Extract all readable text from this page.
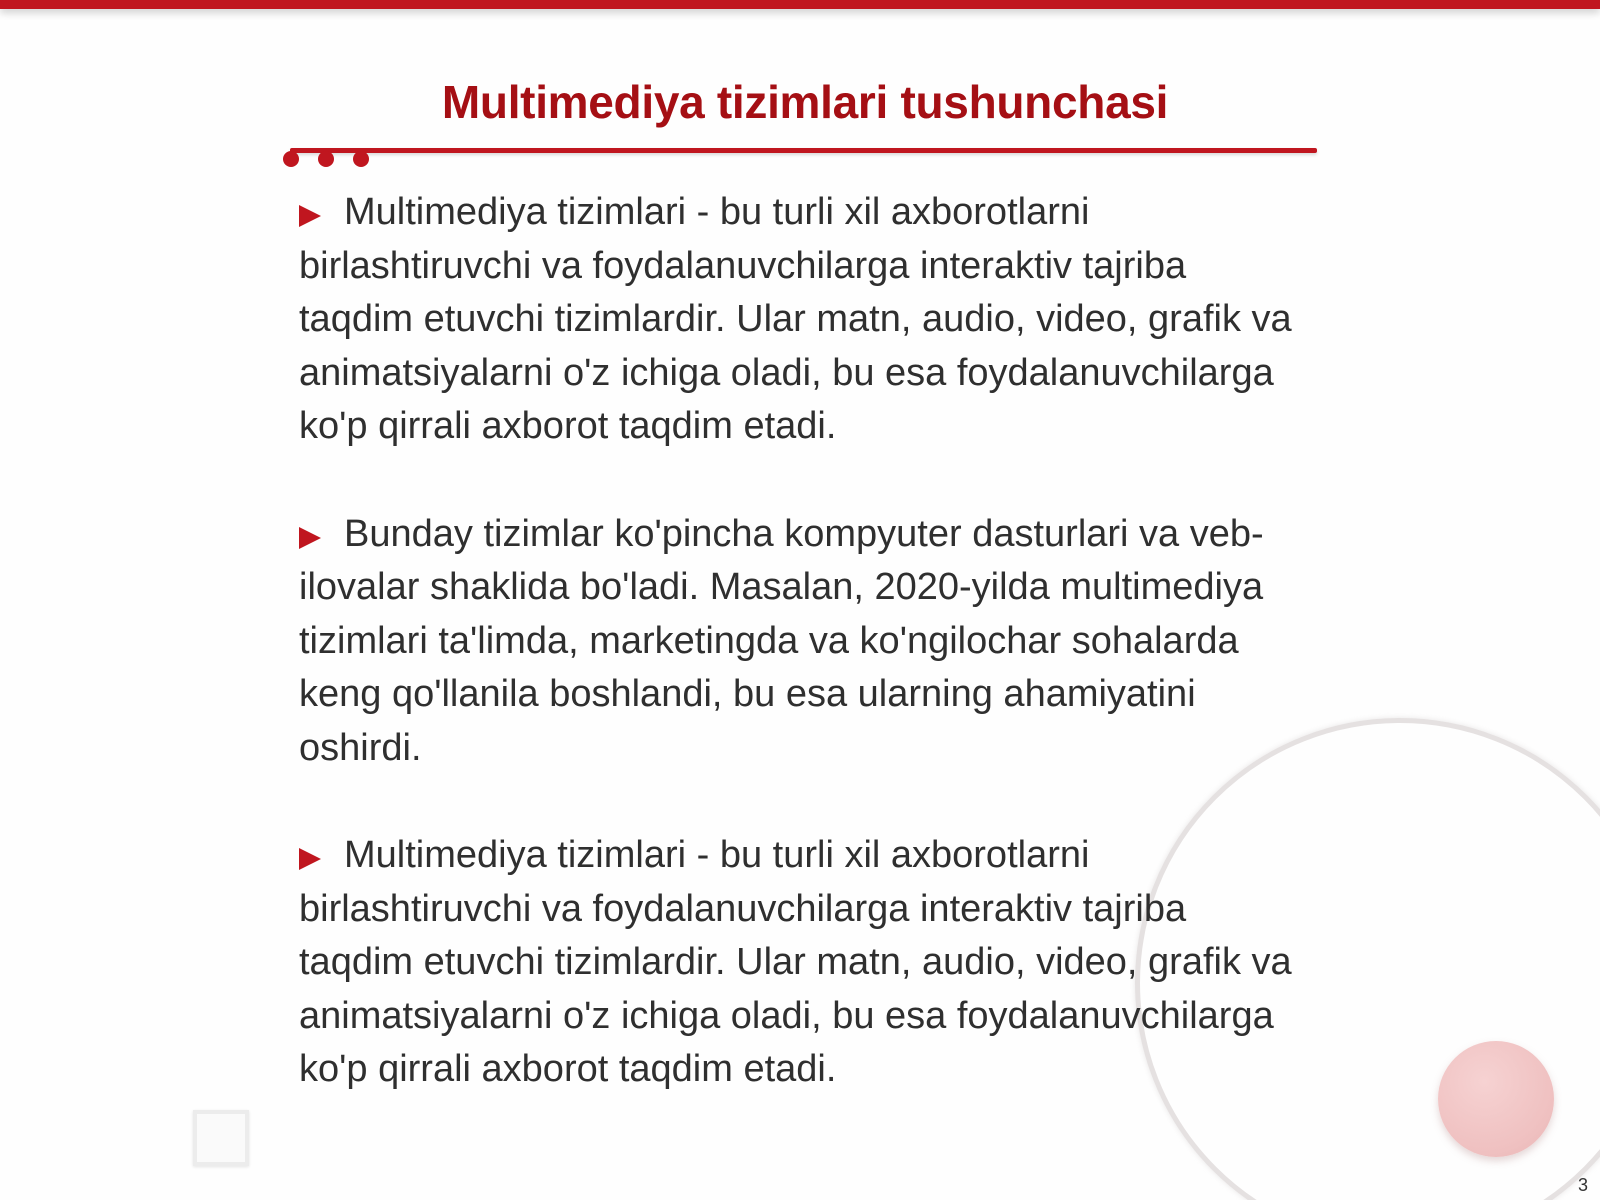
Multimediya tizimlari tushunchasi

Multimediya tizimlari - bu turli xil axborotlarni birlashtiruvchi va foydalanuvchilarga interaktiv tajriba taqdim etuvchi tizimlardir. Ular matn, audio, video, grafik va animatsiyalarni o'z ichiga oladi, bu esa foydalanuvchilarga ko'p qirrali axborot taqdim etadi.

Bunday tizimlar ko'pincha kompyuter dasturlari va veb-ilovalar shaklida bo'ladi. Masalan, 2020-yilda multimediya tizimlari ta'limda, marketingda va ko'ngilochar sohalarda keng qo'llanila boshlandi, bu esa ularning ahamiyatini oshirdi.

Multimediya tizimlari - bu turli xil axborotlarni birlashtiruvchi va foydalanuvchilarga interaktiv tajriba taqdim etuvchi tizimlardir. Ular matn, audio, video, grafik va animatsiyalarni o'z ichiga oladi, bu esa foydalanuvchilarga ko'p qirrali axborot taqdim etadi.

3
